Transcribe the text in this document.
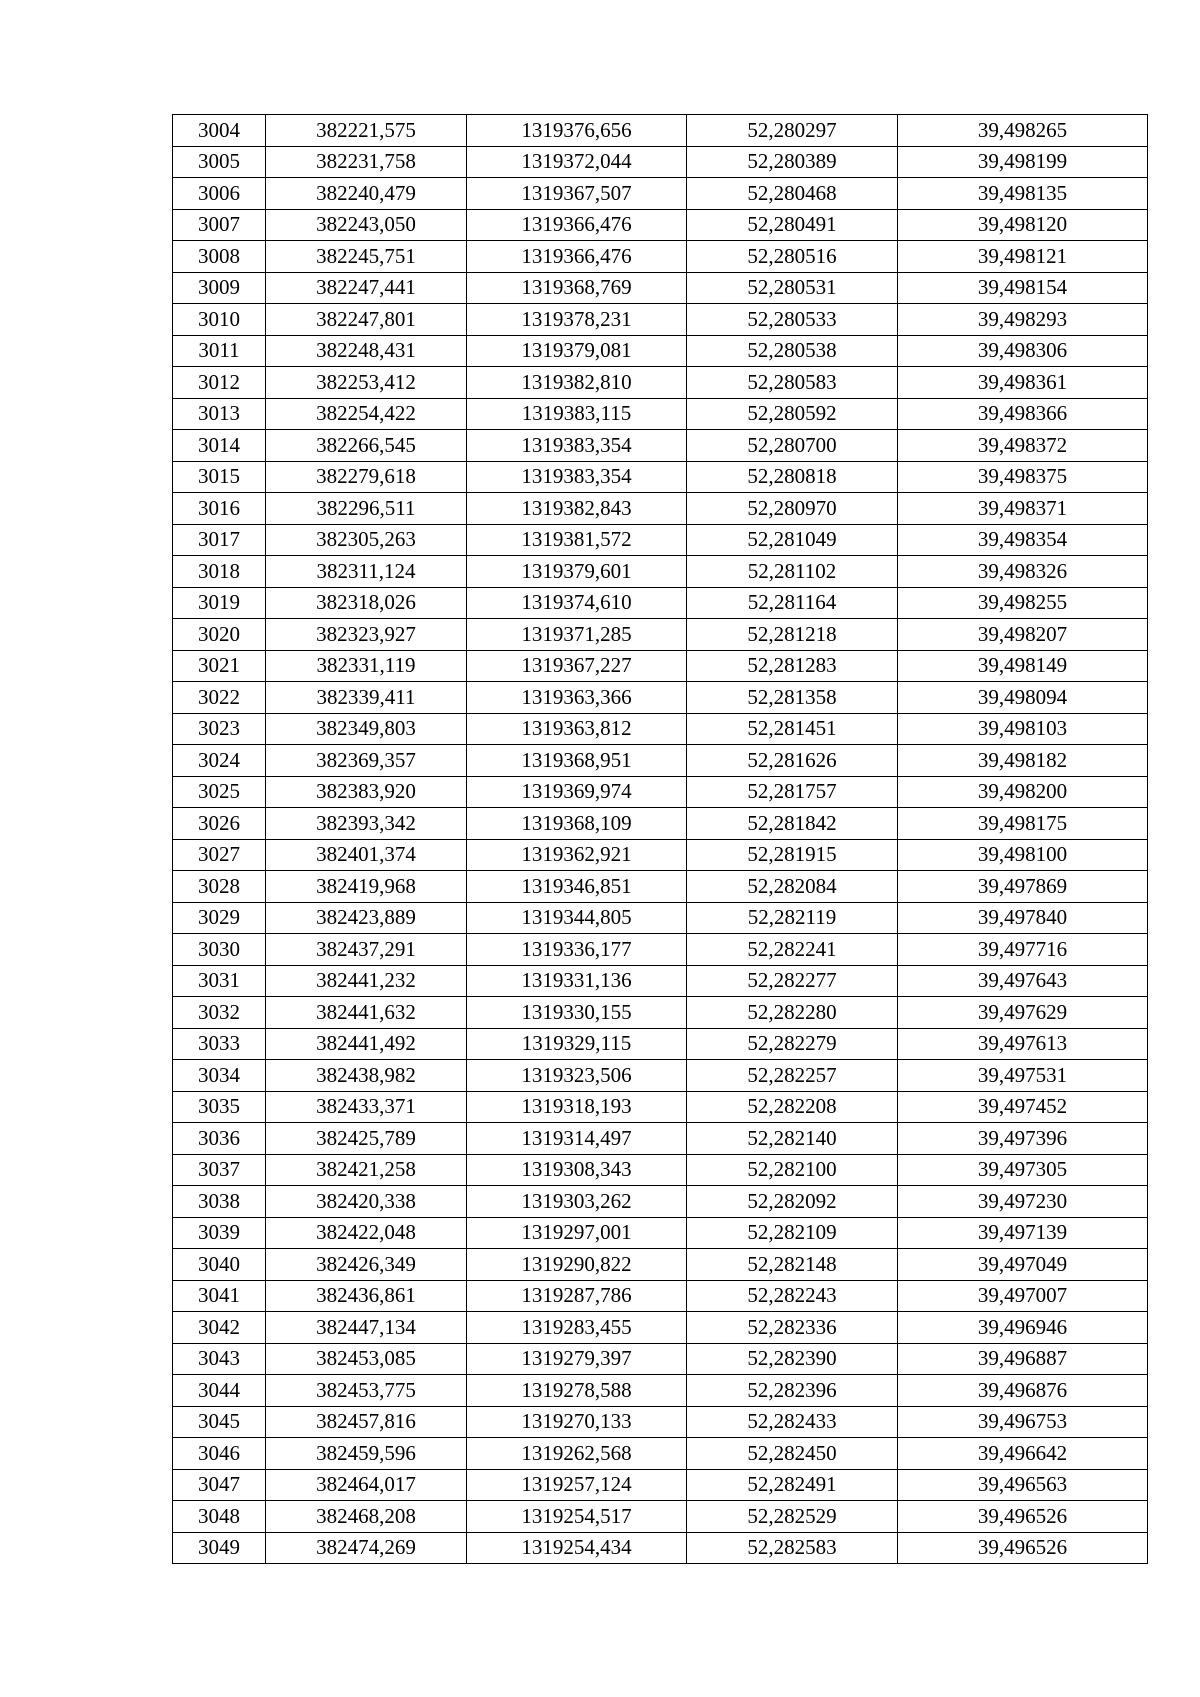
3004	382221,575	1319376,656	52,280297	39,498265
3005	382231,758	1319372,044	52,280389	39,498199
3006	382240,479	1319367,507	52,280468	39,498135
3007	382243,050	1319366,476	52,280491	39,498120
3008	382245,751	1319366,476	52,280516	39,498121
3009	382247,441	1319368,769	52,280531	39,498154
3010	382247,801	1319378,231	52,280533	39,498293
3011	382248,431	1319379,081	52,280538	39,498306
3012	382253,412	1319382,810	52,280583	39,498361
3013	382254,422	1319383,115	52,280592	39,498366
3014	382266,545	1319383,354	52,280700	39,498372
3015	382279,618	1319383,354	52,280818	39,498375
3016	382296,511	1319382,843	52,280970	39,498371
3017	382305,263	1319381,572	52,281049	39,498354
3018	382311,124	1319379,601	52,281102	39,498326
3019	382318,026	1319374,610	52,281164	39,498255
3020	382323,927	1319371,285	52,281218	39,498207
3021	382331,119	1319367,227	52,281283	39,498149
3022	382339,411	1319363,366	52,281358	39,498094
3023	382349,803	1319363,812	52,281451	39,498103
3024	382369,357	1319368,951	52,281626	39,498182
3025	382383,920	1319369,974	52,281757	39,498200
3026	382393,342	1319368,109	52,281842	39,498175
3027	382401,374	1319362,921	52,281915	39,498100
3028	382419,968	1319346,851	52,282084	39,497869
3029	382423,889	1319344,805	52,282119	39,497840
3030	382437,291	1319336,177	52,282241	39,497716
3031	382441,232	1319331,136	52,282277	39,497643
3032	382441,632	1319330,155	52,282280	39,497629
3033	382441,492	1319329,115	52,282279	39,497613
3034	382438,982	1319323,506	52,282257	39,497531
3035	382433,371	1319318,193	52,282208	39,497452
3036	382425,789	1319314,497	52,282140	39,497396
3037	382421,258	1319308,343	52,282100	39,497305
3038	382420,338	1319303,262	52,282092	39,497230
3039	382422,048	1319297,001	52,282109	39,497139
3040	382426,349	1319290,822	52,282148	39,497049
3041	382436,861	1319287,786	52,282243	39,497007
3042	382447,134	1319283,455	52,282336	39,496946
3043	382453,085	1319279,397	52,282390	39,496887
3044	382453,775	1319278,588	52,282396	39,496876
3045	382457,816	1319270,133	52,282433	39,496753
3046	382459,596	1319262,568	52,282450	39,496642
3047	382464,017	1319257,124	52,282491	39,496563
3048	382468,208	1319254,517	52,282529	39,496526
3049	382474,269	1319254,434	52,282583	39,496526
